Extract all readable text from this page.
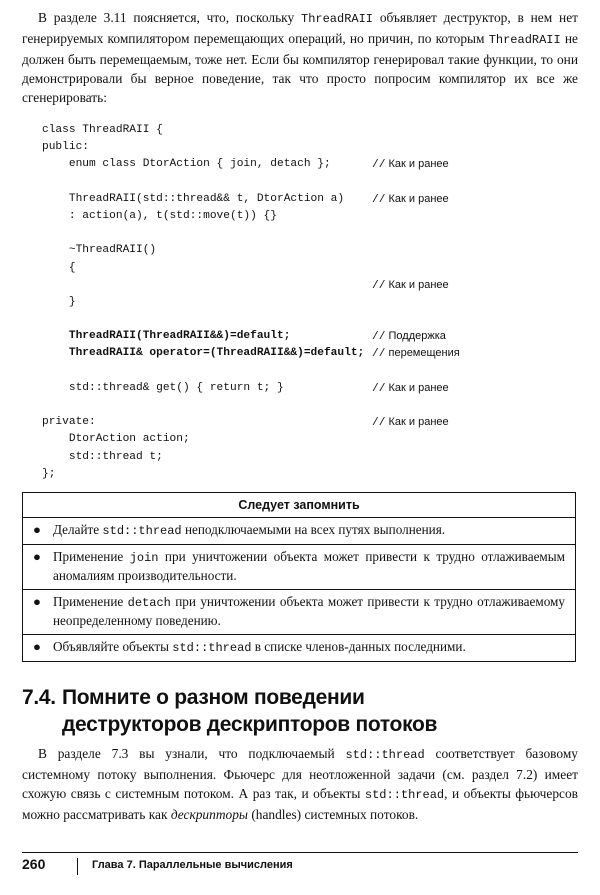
В разделе 3.11 поясняется, что, поскольку ThreadRAII объявляет деструктор, в нем нет генерируемых компилятором перемещающих операций, но причин, по которым ThreadRAII не должен быть перемещаемым, тоже нет. Если бы компилятор генерировал такие функции, то они демонстрировали бы верное поведение, так что просто попросим компилятор их все же сгенерировать:

class ThreadRAII {
public:
enum class DtorAction { join, detach };	// Как и ранее
ThreadRAII(std::thread&& t, DtorAction a) // Как и ранее
: action(a), t(std::move(t)) {}
~ThreadRAII()
{
// Как и ранее
}
ThreadRAII(ThreadRAII&&)=default;	// Поддержка
ThreadRAII& operator=(ThreadRAII&&)=default; // перемещения
std::thread& get() { return t; }	// Как и ранее
private:	// Как и ранее
DtorAction action;
std::thread t;
};
Следует запомнить
● Делайте std::thread неподключаемыми на всех путях выполнения.
● Применение join при уничтожении объекта может привести к трудно отлаживаемым аномалиям производительности.
● Применение detach при уничтожении объекта может привести к трудно отлаживаемому неопределенному поведению.
● Объявляйте объекты std::thread в списке членов-данных последними.
7.4. Помните о разном поведении
деструкторов дескрипторов потоков

В разделе 7.3 вы узнали, что подключаемый std::thread соответствует базовому системному потоку выполнения. Фьючерс для неотложенной задачи (см. раздел 7.2) имеет схожую связь с системным потоком. А раз так, и объекты std::thread, и объекты фьючерсов можно рассматривать как дескрипторы (handles) системных потоков.

260	Глава 7. Параллельные вычисления
